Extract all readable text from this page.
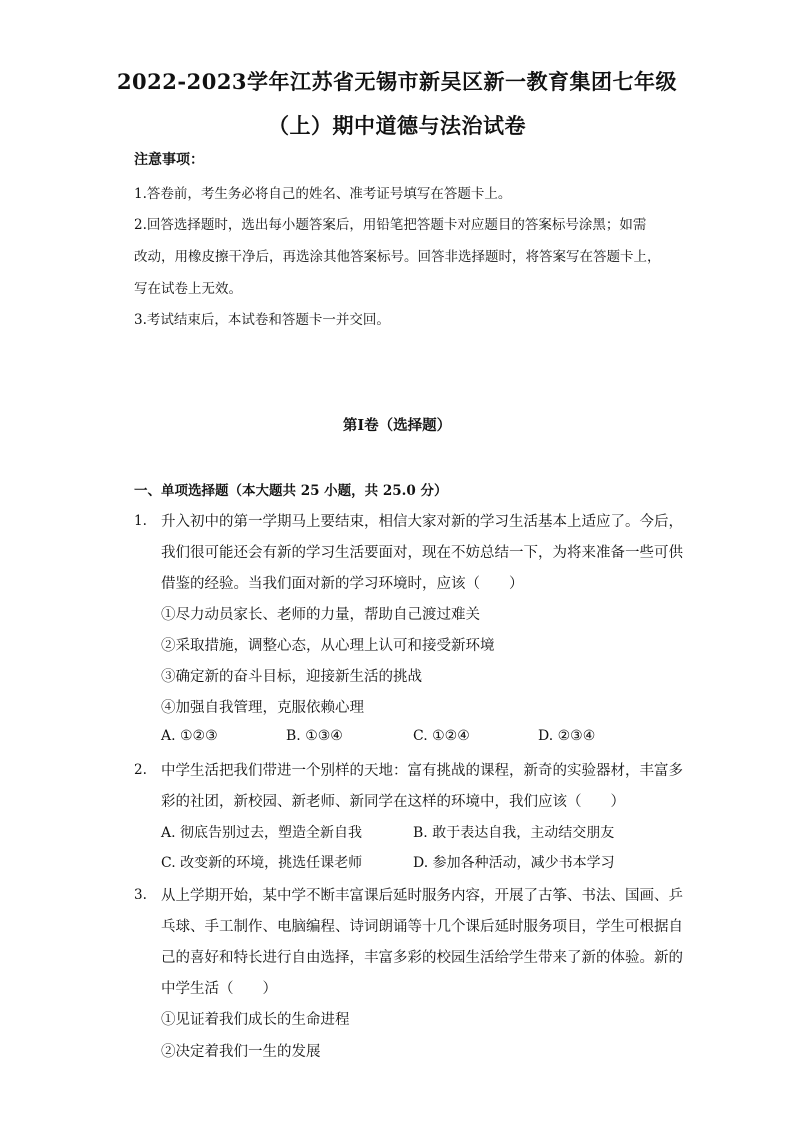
2022-2023学年江苏省无锡市新吴区新一教育集团七年级
（上）期中道德与法治试卷
注意事项：
1.答卷前，考生务必将自己的姓名、准考证号填写在答题卡上。
2.回答选择题时，选出每小题答案后，用铅笔把答题卡对应题目的答案标号涂黑；如需
改动，用橡皮擦干净后，再选涂其他答案标号。回答非选择题时，将答案写在答题卡上，
写在试卷上无效。
3.考试结束后，本试卷和答题卡一并交回。
第Ⅰ卷（选择题）
一、单项选择题（本大题共 25 小题，共 25.0 分）
1. 升入初中的第一学期马上要结束，相信大家对新的学习生活基本上适应了。今后，
我们很可能还会有新的学习生活要面对，现在不妨总结一下，为将来准备一些可供
借鉴的经验。当我们面对新的学习环境时，应该（　　）
①尽力动员家长、老师的力量，帮助自己渡过难关
②采取措施，调整心态，从心理上认可和接受新环境
③确定新的奋斗目标，迎接新生活的挑战
④加强自我管理，克服依赖心理
A. ①②③	B. ①③④	C. ①②④	D. ②③④
2. 中学生活把我们带进一个别样的天地：富有挑战的课程，新奇的实验器材，丰富多
彩的社团，新校园、新老师、新同学在这样的环境中，我们应该（　　）
A. 彻底告别过去，塑造全新自我	B. 敢于表达自我，主动结交朋友
C. 改变新的环境，挑选任课老师	D. 参加各种活动，减少书本学习
3. 从上学期开始，某中学不断丰富课后延时服务内容，开展了古筝、书法、国画、乒
乓球、手工制作、电脑编程、诗词朗诵等十几个课后延时服务项目，学生可根据自
己的喜好和特长进行自由选择，丰富多彩的校园生活给学生带来了新的体验。新的
中学生活（　　）
①见证着我们成长的生命进程
②决定着我们一生的发展
